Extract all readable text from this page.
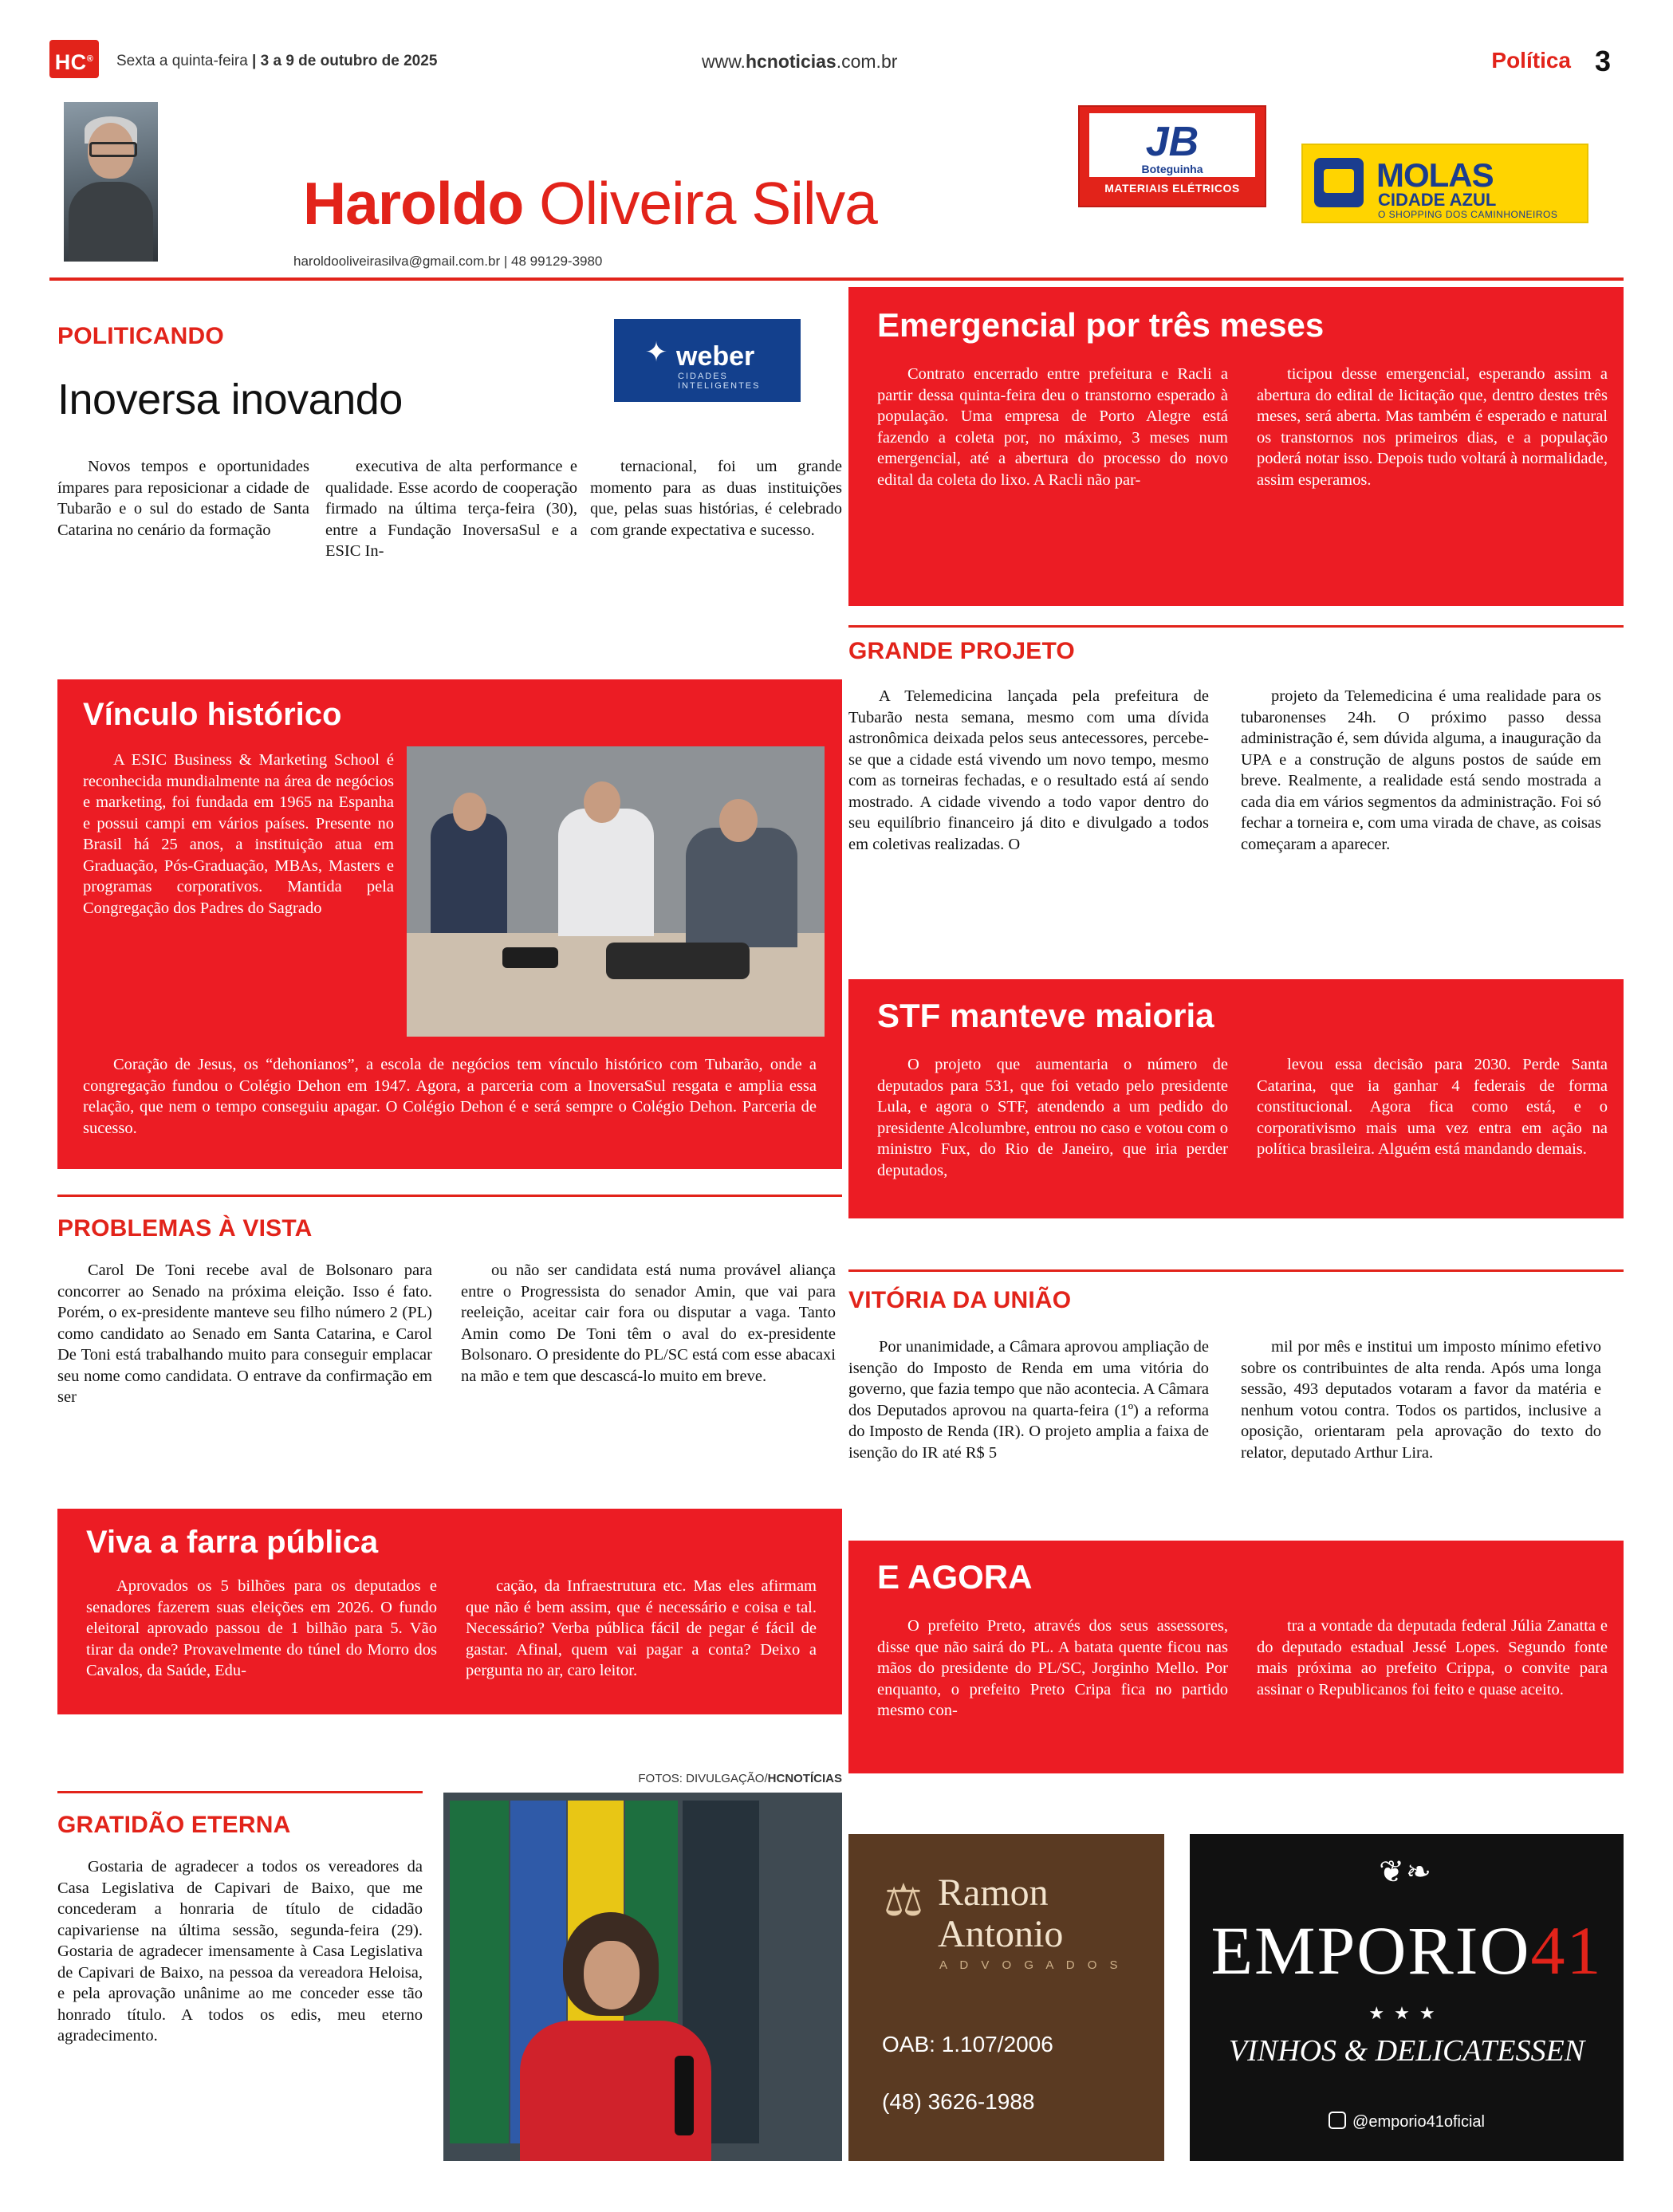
HC®	Sexta a quinta-feira | 3 a 9 de outubro de 2025	www.hcnoticias.com.br	Política 3
Haroldo Oliveira Silva
haroldooliveirasilva@gmail.com.br | 48 99129-3980
JB
Boteguinha
MATERIAIS ELÉTRICOS	MOLAS
CIDADE AZUL
O SHOPPING DOS CAMINHONEIROS
POLITICANDO
Inoversa inovando
✦ weber
CIDADES INTELIGENTES

Novos tempos e oportunidades ímpares para reposicionar a cidade de Tubarão e o sul do estado de Santa Catarina no cenário da formação

executiva de alta performance e qualidade. Esse acordo de cooperação firmado na última terça-feira (30), entre a Fundação InoversaSul e a ESIC In-

ternacional, foi um grande momento para as duas instituições que, pelas suas histórias, é celebrado com grande expectativa e sucesso.

Vínculo histórico

A ESIC Business & Marketing School é reconhecida mundialmente na área de negócios e marketing, foi fundada em 1965 na Espanha e possui campi em vários países. Presente no Brasil há 25 anos, a instituição atua em Graduação, Pós-Graduação, MBAs, Masters e programas corporativos. Mantida pela Congregação dos Padres do Sagrado

Coração de Jesus, os “dehonianos”, a escola de negócios tem vínculo histórico com Tubarão, onde a congregação fundou o Colégio Dehon em 1947. Agora, a parceria com a InoversaSul resgata e amplia essa relação, que nem o tempo conseguiu apagar. O Colégio Dehon é e será sempre o Colégio Dehon. Parceria de sucesso.

PROBLEMAS À VISTA

Carol De Toni recebe aval de Bolsonaro para concorrer ao Senado na próxima eleição. Isso é fato. Porém, o ex-presidente manteve seu filho número 2 (PL) como candidato ao Senado em Santa Catarina, e Carol De Toni está trabalhando muito para conseguir emplacar seu nome como candidata. O entrave da confirmação em ser

ou não ser candidata está numa provável aliança entre o Progressista do senador Amin, que vai para reeleição, aceitar cair fora ou disputar a vaga. Tanto Amin como De Toni têm o aval do ex-presidente Bolsonaro. O presidente do PL/SC está com esse abacaxi na mão e tem que descascá-lo muito em breve.

Viva a farra pública

Aprovados os 5 bilhões para os deputados e senadores fazerem suas eleições em 2026. O fundo eleitoral aprovado passou de 1 bilhão para 5. Vão tirar da onde? Provavelmente do túnel do Morro dos Cavalos, da Saúde, Edu-

cação, da Infraestrutura etc. Mas eles afirmam que não é bem assim, que é necessário e coisa e tal. Necessário? Verba pública fácil de pegar é fácil de gastar. Afinal, quem vai pagar a conta? Deixo a pergunta no ar, caro leitor.

FOTOS: DIVULGAÇÃO/HCNOTÍCIAS
GRATIDÃO ETERNA

Gostaria de agradecer a todos os vereadores da Casa Legislativa de Capivari de Baixo, que me concederam a honraria de título de cidadão capivariense na última sessão, segunda-feira (29). Gostaria de agradecer imensamente à Casa Legislativa de Capivari de Baixo, na pessoa da vereadora Heloisa, e pela aprovação unânime ao me conceder esse tão honrado título. A todos os edis, meu eterno agradecimento.

Emergencial por três meses

Contrato encerrado entre prefeitura e Racli a partir dessa quinta-feira deu o transtorno esperado à população. Uma empresa de Porto Alegre está fazendo a coleta por, no máximo, 3 meses num emergencial, até a abertura do processo do novo edital da coleta do lixo. A Racli não par-

ticipou desse emergencial, esperando assim a abertura do edital de licitação que, dentro destes três meses, será aberta. Mas também é esperado e natural os transtornos nos primeiros dias, e a população poderá notar isso. Depois tudo voltará à normalidade, assim esperamos.

GRANDE PROJETO

A Telemedicina lançada pela prefeitura de Tubarão nesta semana, mesmo com uma dívida astronômica deixada pelos seus antecessores, percebe-se que a cidade está vivendo um novo tempo, mesmo com as torneiras fechadas, e o resultado está aí sendo mostrado. A cidade vivendo a todo vapor dentro do seu equilíbrio financeiro já dito e divulgado a todos em coletivas realizadas. O

projeto da Telemedicina é uma realidade para os tubaronenses 24h. O próximo passo dessa administração é, sem dúvida alguma, a inauguração da UPA e a construção de alguns postos de saúde em breve. Realmente, a realidade está sendo mostrada a cada dia em vários segmentos da administração. Foi só fechar a torneira e, com uma virada de chave, as coisas começaram a aparecer.

STF manteve maioria

O projeto que aumentaria o número de deputados para 531, que foi vetado pelo presidente Lula, e agora o STF, atendendo a um pedido do presidente Alcolumbre, entrou no caso e votou com o ministro Fux, do Rio de Janeiro, que iria perder deputados,

levou essa decisão para 2030. Perde Santa Catarina, que ia ganhar 4 federais de forma constitucional. Agora fica como está, e o corporativismo mais uma vez entra em ação na política brasileira. Alguém está mandando demais.

VITÓRIA DA UNIÃO

Por unanimidade, a Câmara aprovou ampliação de isenção do Imposto de Renda em uma vitória do governo, que fazia tempo que não acontecia. A Câmara dos Deputados aprovou na quarta-feira (1º) a reforma do Imposto de Renda (IR). O projeto amplia a faixa de isenção do IR até R$ 5

mil por mês e institui um imposto mínimo efetivo sobre os contribuintes de alta renda. Após uma longa sessão, 493 deputados votaram a favor da matéria e nenhum votou contra. Todos os partidos, inclusive a oposição, orientaram pela aprovação do texto do relator, deputado Arthur Lira.

E AGORA

O prefeito Preto, através dos seus assessores, disse que não sairá do PL. A batata quente ficou nas mãos do presidente do PL/SC, Jorginho Mello. Por enquanto, o prefeito Preto Cripa fica no partido mesmo con-

tra a vontade da deputada federal Júlia Zanatta e do deputado estadual Jessé Lopes. Segundo fonte mais próxima ao prefeito Crippa, o convite para assinar o Republicanos foi feito e quase aceito.

⚖ Ramon
Antonio
A D V O G A D O S
OAB: 1.107/2006
(48) 3626-1988
❦❧
EMPORIO41
★★★
VINHOS & DELICATESSEN
@emporio41oficial
